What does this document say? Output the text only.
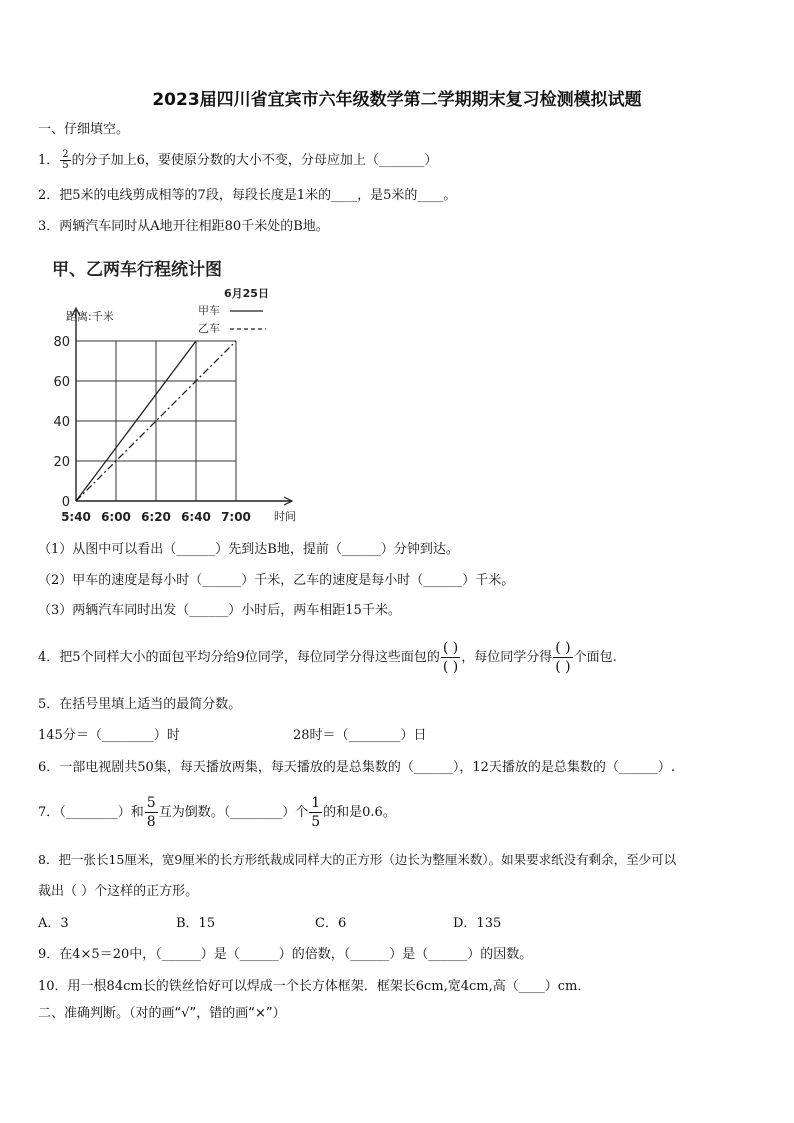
2023届四川省宜宾市六年级数学第二学期期末复习检测模拟试题
一、仔细填空。
1． $\frac{2}{5}$ 的分子加上6，要使原分数的大小不变，分母应加上（_______）
2．把5米的电线剪成相等的7段，每段长度是1米的____，是5米的____。
3．两辆汽车同时从A地开往相距80千米处的B地。
甲、乙两车行程统计图
6月25日
甲车
乙车
距离:千米
时间
0
20
40
60
80
5:40 6:00 6:20 6:40 7:00
（1）从图中可以看出（______）先到达B地，提前（______）分钟到达。
（2）甲车的速度是每小时（______）千米，乙车的速度是每小时（______）千米。
（3）两辆汽车同时出发（______）小时后，两车相距15千米。
4．把5个同样大小的面包平均分给9位同学，每位同学分得这些面包的 $\frac{( )}{( )}$ ，每位同学分得 $\frac{( )}{( )}$ 个面包.
5．在括号里填上适当的最简分数。
145分＝（________）时	28时＝（________）日
6．一部电视剧共50集，每天播放两集，每天播放的是总集数的（______），12天播放的是总集数的（______）.
7．（________）和 $\frac{5}{8}$ 互为倒数。（________）个 $\frac{1}{5}$ 的和是0.6。
8．把一张长15厘米，宽9厘米的长方形纸裁成同样大的正方形（边长为整厘米数）。如果要求纸没有剩余，至少可以
裁出（ ）个这样的正方形。
A．3	B．15	C．6	D．135
9．在4×5＝20中，（______）是（______）的倍数，（______）是（______）的因数。
10．用一根84cm长的铁丝恰好可以焊成一个长方体框架．框架长6cm,宽4cm,高（____）cm．
二、准确判断。（对的画“√”，错的画“×”）
